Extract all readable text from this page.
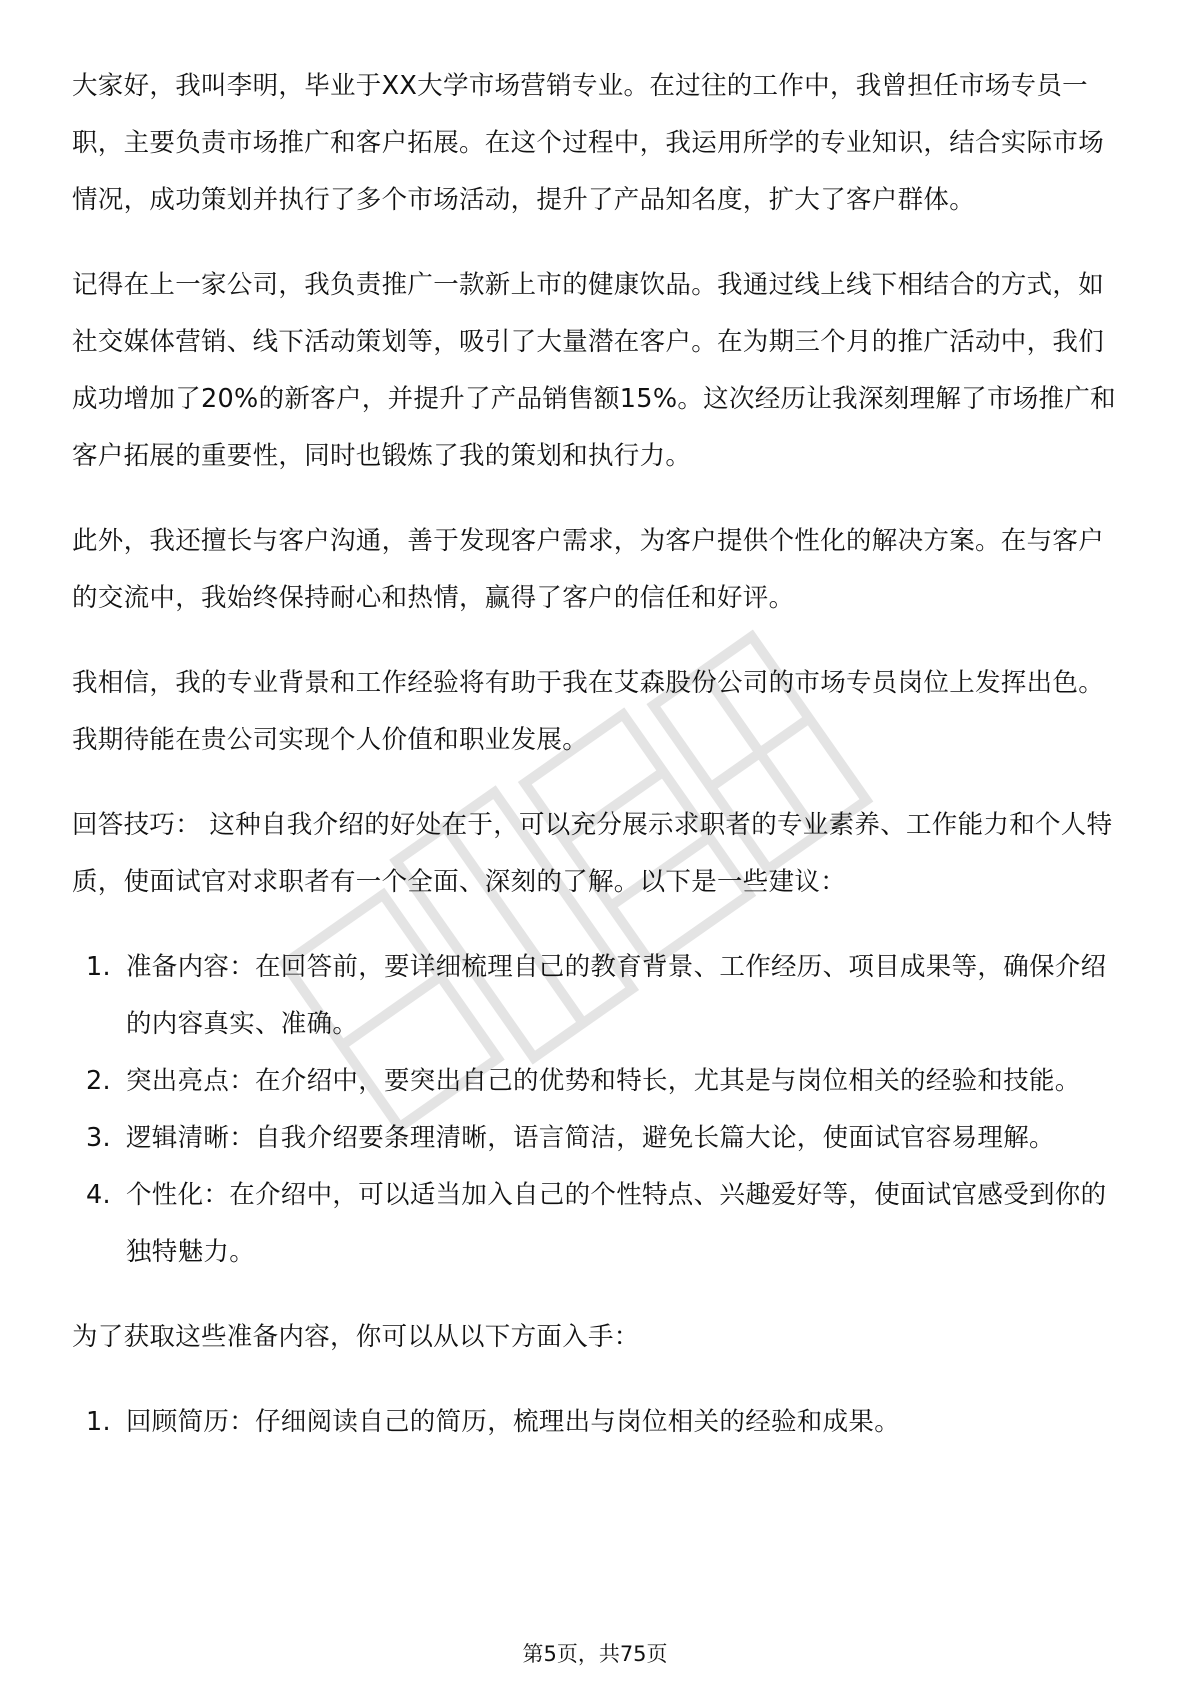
大家好，我叫李明，毕业于XX大学市场营销专业。在过往的工作中，我曾担任市场专员一职，主要负责市场推广和客户拓展。在这个过程中，我运用所学的专业知识，结合实际市场情况，成功策划并执行了多个市场活动，提升了产品知名度，扩大了客户群体。

记得在上一家公司，我负责推广一款新上市的健康饮品。我通过线上线下相结合的方式，如社交媒体营销、线下活动策划等，吸引了大量潜在客户。在为期三个月的推广活动中，我们成功增加了20%的新客户，并提升了产品销售额15%。这次经历让我深刻理解了市场推广和客户拓展的重要性，同时也锻炼了我的策划和执行力。

此外，我还擅长与客户沟通，善于发现客户需求，为客户提供个性化的解决方案。在与客户的交流中，我始终保持耐心和热情，赢得了客户的信任和好评。

我相信，我的专业背景和工作经验将有助于我在艾森股份公司的市场专员岗位上发挥出色。我期待能在贵公司实现个人价值和职业发展。

回答技巧： 这种自我介绍的好处在于，可以充分展示求职者的专业素养、工作能力和个人特质，使面试官对求职者有一个全面、深刻的了解。以下是一些建议：

1. 准备内容：在回答前，要详细梳理自己的教育背景、工作经历、项目成果等，确保介绍的内容真实、准确。
2. 突出亮点：在介绍中，要突出自己的优势和特长，尤其是与岗位相关的经验和技能。
3. 逻辑清晰：自我介绍要条理清晰，语言简洁，避免长篇大论，使面试官容易理解。
4. 个性化：在介绍中，可以适当加入自己的个性特点、兴趣爱好等，使面试官感受到你的独特魅力。

为了获取这些准备内容，你可以从以下方面入手：

1. 回顾简历：仔细阅读自己的简历，梳理出与岗位相关的经验和成果。
第5页，共75页
